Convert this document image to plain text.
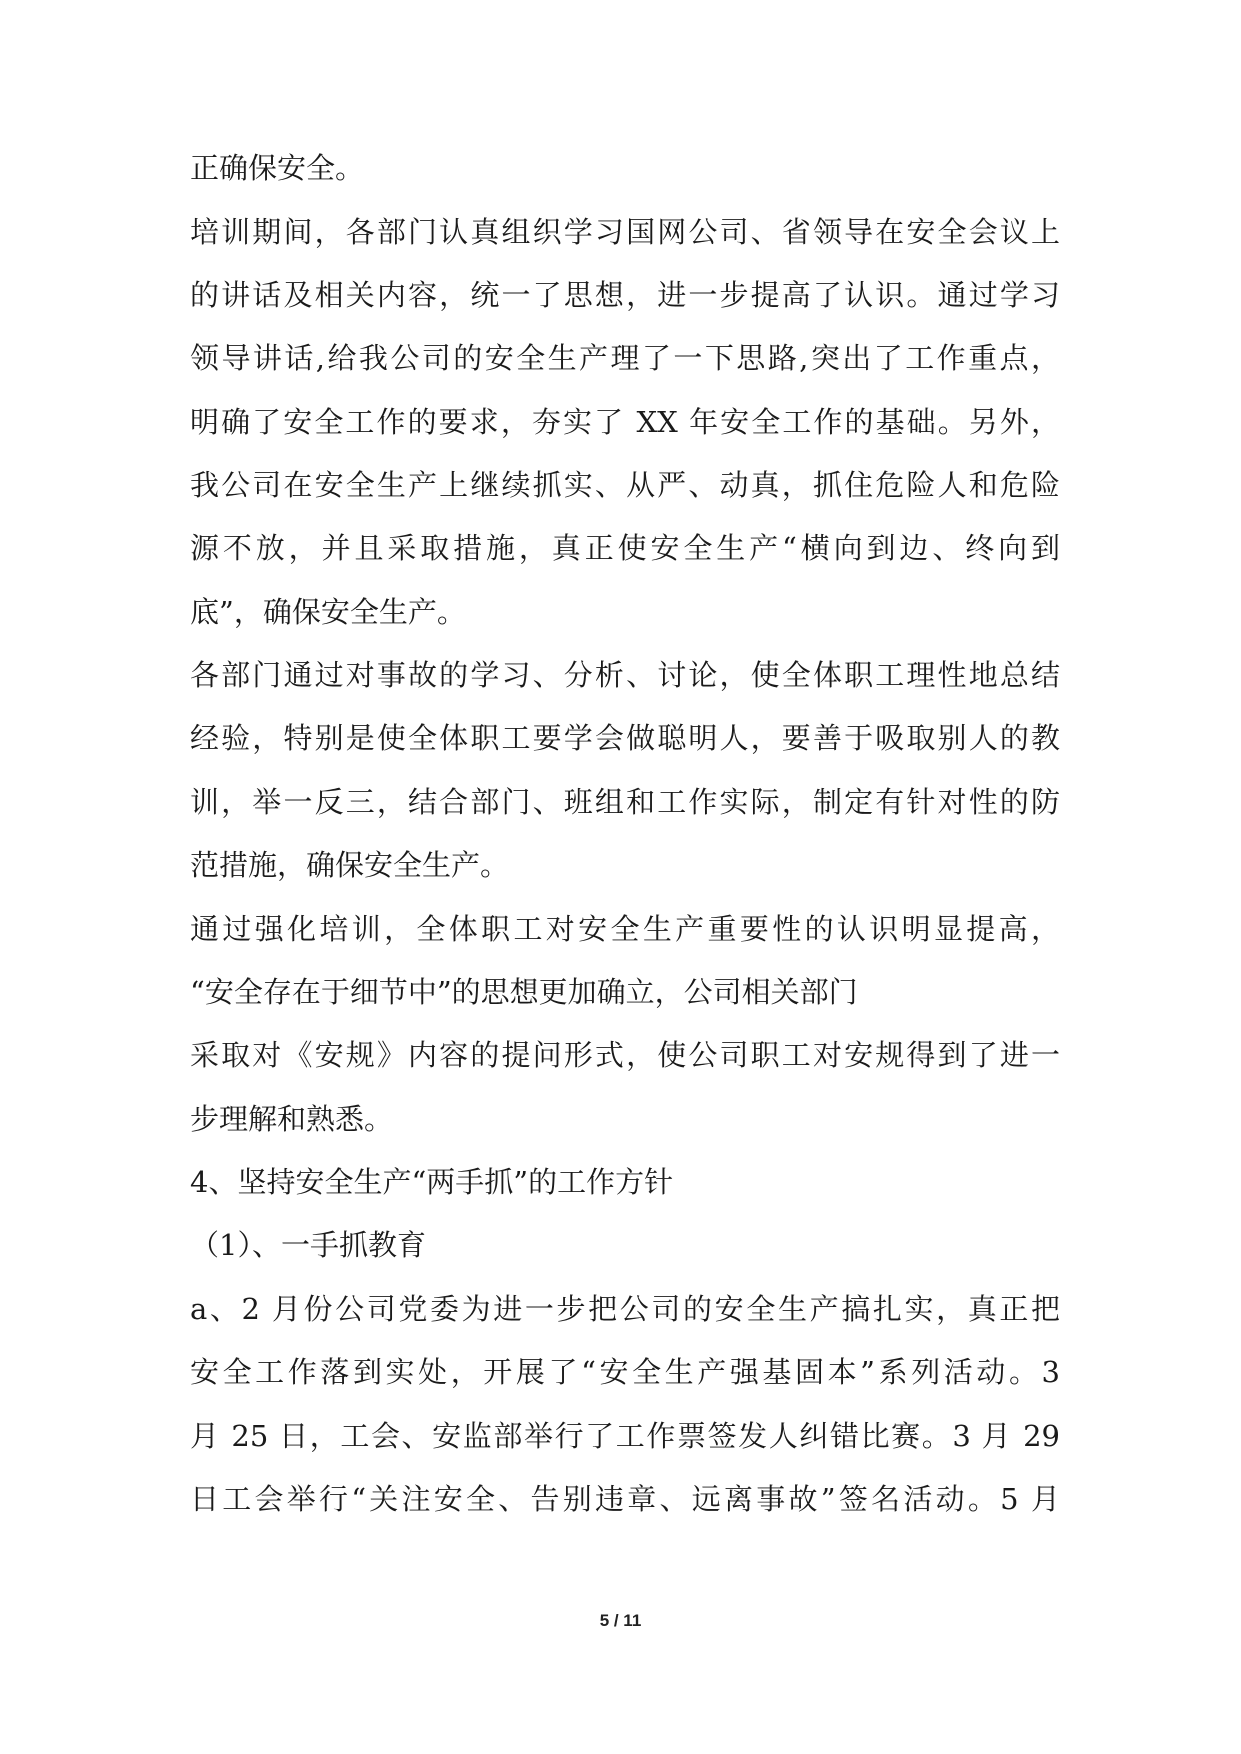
正确保安全。
培训期间，各部门认真组织学习国网公司、省领导在安全会议上
的讲话及相关内容，统一了思想，进一步提高了认识。通过学习
领导讲话,给我公司的安全生产理了一下思路,突出了工作重点，
明确了安全工作的要求，夯实了 XX 年安全工作的基础。另外，
我公司在安全生产上继续抓实、从严、动真，抓住危险人和危险
源不放，并且采取措施，真正使安全生产“横向到边、终向到
底”，确保安全生产。
各部门通过对事故的学习、分析、讨论，使全体职工理性地总结
经验，特别是使全体职工要学会做聪明人，要善于吸取别人的教
训，举一反三，结合部门、班组和工作实际，制定有针对性的防
范措施，确保安全生产。
通过强化培训，全体职工对安全生产重要性的认识明显提高，
“安全存在于细节中”的思想更加确立，公司相关部门
采取对《安规》内容的提问形式，使公司职工对安规得到了进一
步理解和熟悉。
4、坚持安全生产“两手抓”的工作方针
（1）、一手抓教育
a、2 月份公司党委为进一步把公司的安全生产搞扎实，真正把
安全工作落到实处，开展了“安全生产强基固本”系列活动。3
月 25 日，工会、安监部举行了工作票签发人纠错比赛。3 月 29
日工会举行“关注安全、告别违章、远离事故”签名活动。5 月
5 / 11
